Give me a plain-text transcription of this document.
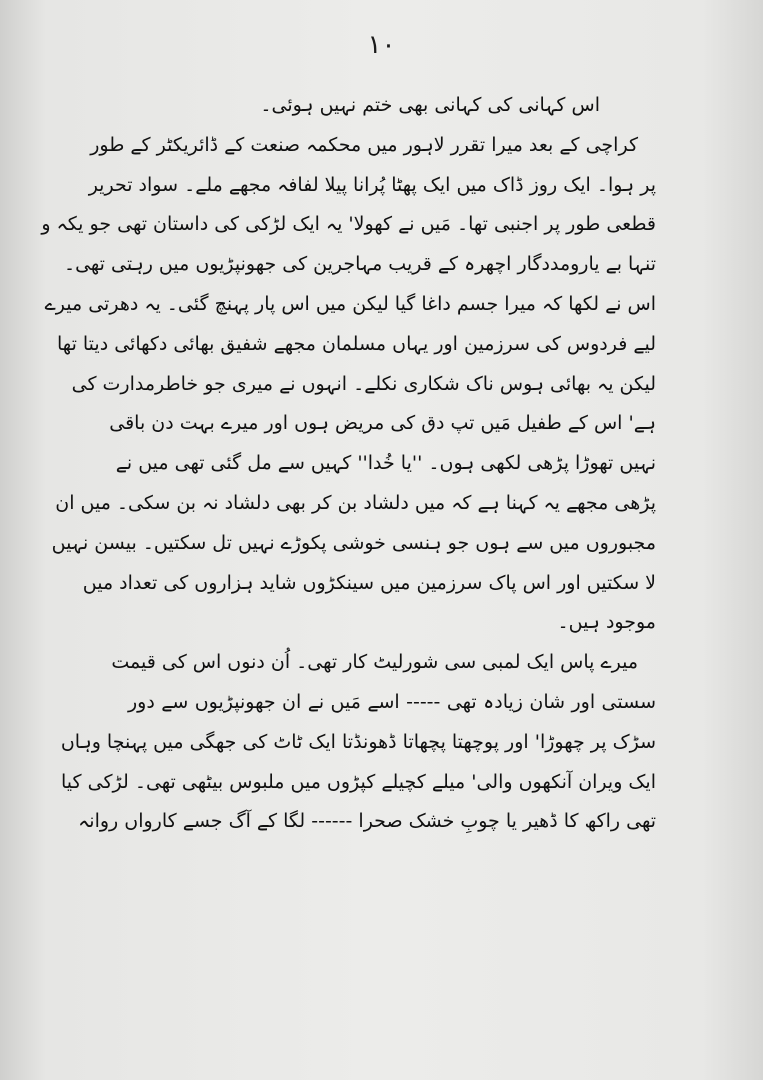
۱۰
اس کہانی کی کہانی بھی ختم نہیں ہوئی۔
کراچی کے بعد میرا تقرر لاہور میں محکمہ صنعت کے ڈائریکٹر کے طور
پر ہوا۔ ایک روز ڈاک میں ایک پھٹا پُرانا پیلا لفافہ مجھے ملے۔ سواد تحریر
قطعی طور پر اجنبی تھا۔ مَیں نے کھولا' یہ ایک لڑکی کی داستان تھی جو یکہ و
تنہا بے یارومددگار اچھرہ کے قریب مہاجرین کی جھونپڑیوں میں رہتی تھی۔
اس نے لکھا کہ میرا جسم داغا گیا لیکن میں اس پار پہنچ گئی۔ یہ دھرتی میرے
لیے فردوس کی سرزمین اور یہاں مسلمان مجھے شفیق بھائی دکھائی دیتا تھا
لیکن یہ بھائی ہوس ناک شکاری نکلے۔ انہوں نے میری جو خاطرمدارت کی
ہے' اس کے طفیل مَیں تپ دق کی مریض ہوں اور میرے بہت دن باقی
نہیں تھوڑا پڑھی لکھی ہوں۔ ''یا خُدا'' کہیں سے مل گئی تھی میں نے
پڑھی مجھے یہ کہنا ہے کہ میں دلشاد بن کر بھی دلشاد نہ بن سکی۔ میں ان
مجبوروں میں سے ہوں جو ہنسی خوشی پکوڑے نہیں تل سکتیں۔ بیسن نہیں
لا سکتیں اور اس پاک سرزمین میں سینکڑوں شاید ہزاروں کی تعداد میں
موجود ہیں۔
میرے پاس ایک لمبی سی شورلیٹ کار تھی۔ اُن دنوں اس کی قیمت
سستی اور شان زیادہ تھی ----- اسے مَیں نے ان جھونپڑیوں سے دور
سڑک پر چھوڑا' اور پوچھتا پچھاتا ڈھونڈتا ایک ٹاٹ کی جھگی میں پہنچا وہاں
ایک ویران آنکھوں والی' میلے کچیلے کپڑوں میں ملبوس بیٹھی تھی۔ لڑکی کیا
تھی راکھ کا ڈھیر یا چوبِ خشک صحرا ------ لگا کے آگ جسے کارواں روانہ
